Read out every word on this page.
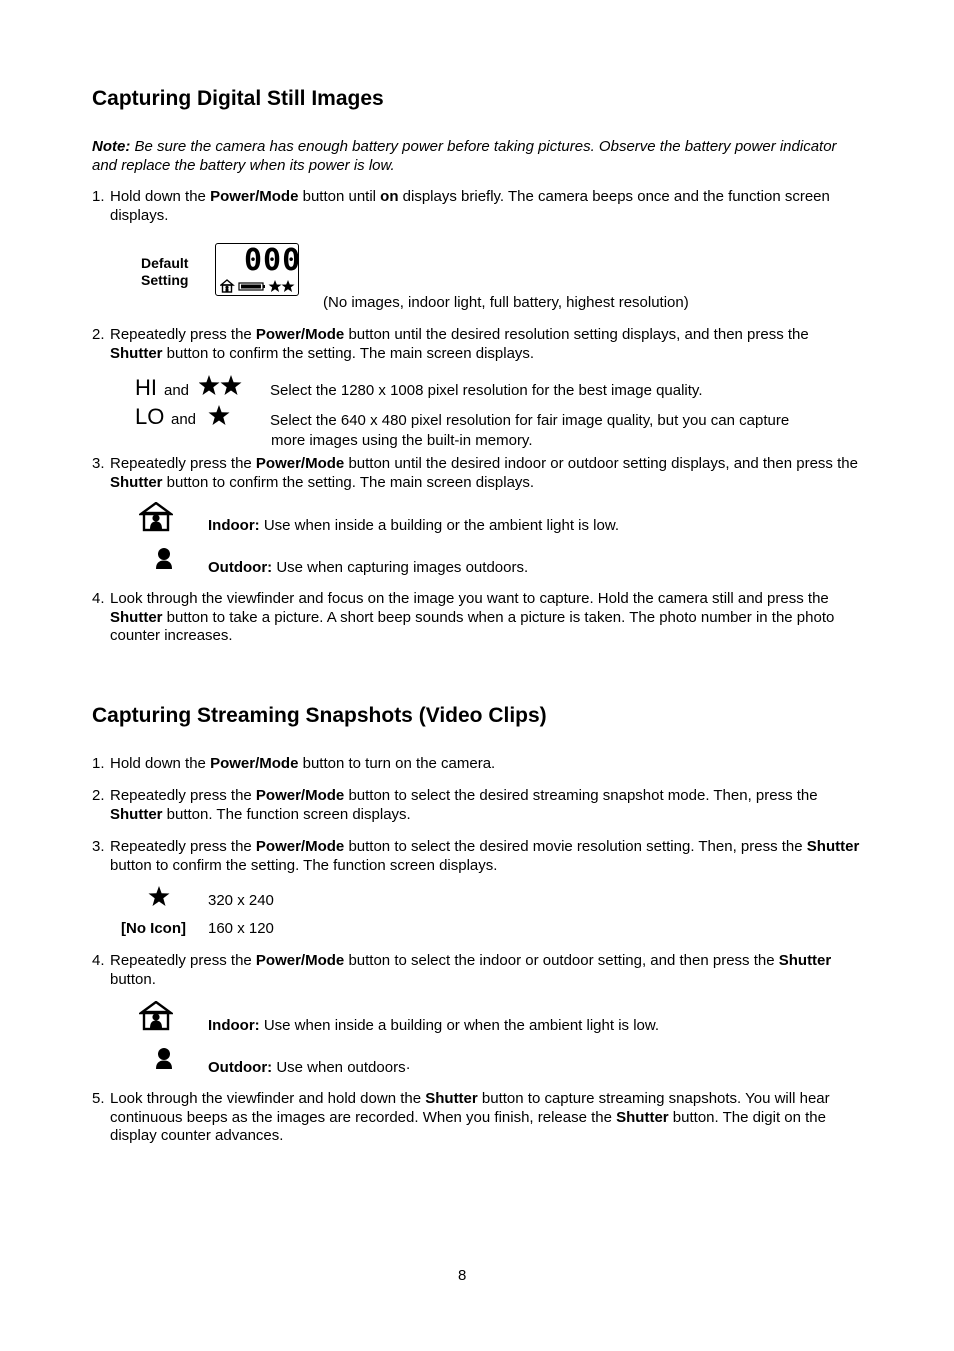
Capturing Digital Still Images
Note: Be sure the camera has enough battery power before taking pictures. Observe the battery power indicator and replace the battery when its power is low.
1. Hold down the Power/Mode button until on displays briefly. The camera beeps once and the function screen displays.
Default
Setting
000
(No images, indoor light, full battery, highest resolution)
2. Repeatedly press the Power/Mode button until the desired resolution setting displays, and then press the Shutter button to confirm the setting. The main screen displays.
HI and	Select the 1280 x 1008 pixel resolution for the best image quality.
LO and	Select the 640 x 480 pixel resolution for fair image quality, but you can capture
more images using the built-in memory.
3. Repeatedly press the Power/Mode button until the desired indoor or outdoor setting displays, and then press the Shutter button to confirm the setting. The main screen displays.
Indoor: Use when inside a building or the ambient light is low.
Outdoor: Use when capturing images outdoors.
4. Look through the viewfinder and focus on the image you want to capture. Hold the camera still and press the Shutter button to take a picture. A short beep sounds when a picture is taken. The photo number in the photo counter increases.
Capturing Streaming Snapshots (Video Clips)
1. Hold down the Power/Mode button to turn on the camera.
2. Repeatedly press the Power/Mode button to select the desired streaming snapshot mode. Then, press the Shutter button. The function screen displays.
3. Repeatedly press the Power/Mode button to select the desired movie resolution setting. Then, press the Shutter button to confirm the setting. The function screen displays.
320 x 240
[No Icon] 160 x 120
4. Repeatedly press the Power/Mode button to select the indoor or outdoor setting, and then press the Shutter button.
Indoor: Use when inside a building or when the ambient light is low.
Outdoor: Use when outdoors·
5. Look through the viewfinder and hold down the Shutter button to capture streaming snapshots. You will hear continuous beeps as the images are recorded. When you finish, release the Shutter button. The digit on the display counter advances.
8
